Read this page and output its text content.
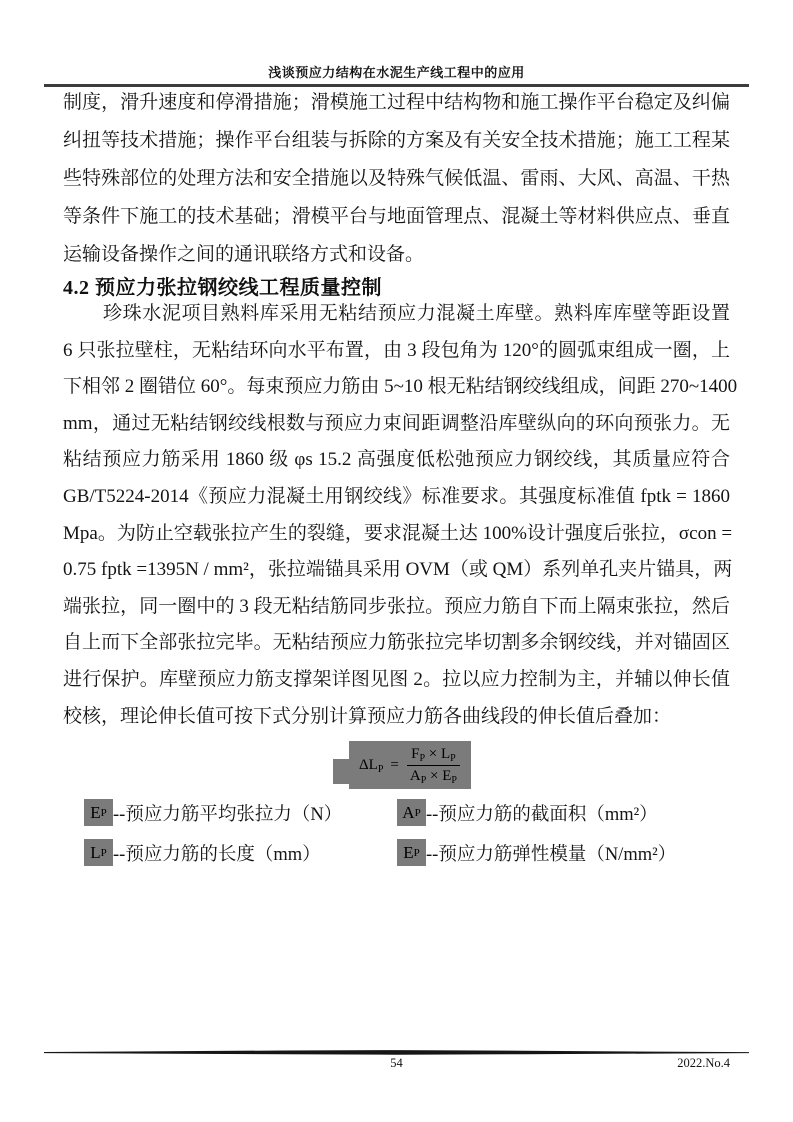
浅谈预应力结构在水泥生产线工程中的应用
制度，滑升速度和停滑措施；滑模施工过程中结构物和施工操作平台稳定及纠偏
纠扭等技术措施；操作平台组装与拆除的方案及有关安全技术措施；施工工程某
些特殊部位的处理方法和安全措施以及特殊气候低温、雷雨、大风、高温、干热
等条件下施工的技术基础；滑模平台与地面管理点、混凝土等材料供应点、垂直
运输设备操作之间的通讯联络方式和设备。
4.2 预应力张拉钢绞线工程质量控制
珍珠水泥项目熟料库采用无粘结预应力混凝土库壁。熟料库库壁等距设置
6 只张拉壁柱，无粘结环向水平布置，由 3 段包角为 120°的圆弧束组成一圈，上
下相邻 2 圈错位 60°。每束预应力筋由 5~10 根无粘结钢绞线组成，间距 270~1400
mm，通过无粘结钢绞线根数与预应力束间距调整沿库壁纵向的环向预张力。无
粘结预应力筋采用 1860 级 φs 15.2 高强度低松弛预应力钢绞线，其质量应符合
GB/T5224-2014《预应力混凝土用钢绞线》标准要求。其强度标准值 fptk = 1860
Mpa。为防止空载张拉产生的裂缝，要求混凝土达 100%设计强度后张拉，σcon =
0.75 fptk =1395N / mm²，张拉端锚具采用 OVM（或 QM）系列单孔夹片锚具，两
端张拉，同一圈中的 3 段无粘结筋同步张拉。预应力筋自下而上隔束张拉，然后
自上而下全部张拉完毕。无粘结预应力筋张拉完毕切割多余钢绞线，并对锚固区
进行保护。库壁预应力筋支撑架详图见图 2。拉以应力控制为主，并辅以伸长值
校核，理论伸长值可按下式分别计算预应力筋各曲线段的伸长值后叠加：
$\Delta L_P = \frac{F_P \times L_P}{A_P \times E_P}$
E P --预应力筋平均张拉力（N）	A P --预应力筋的截面积（mm²）
L P --预应力筋的长度（mm）	E P --预应力筋弹性模量（N/mm²）
54	2022.No.4
